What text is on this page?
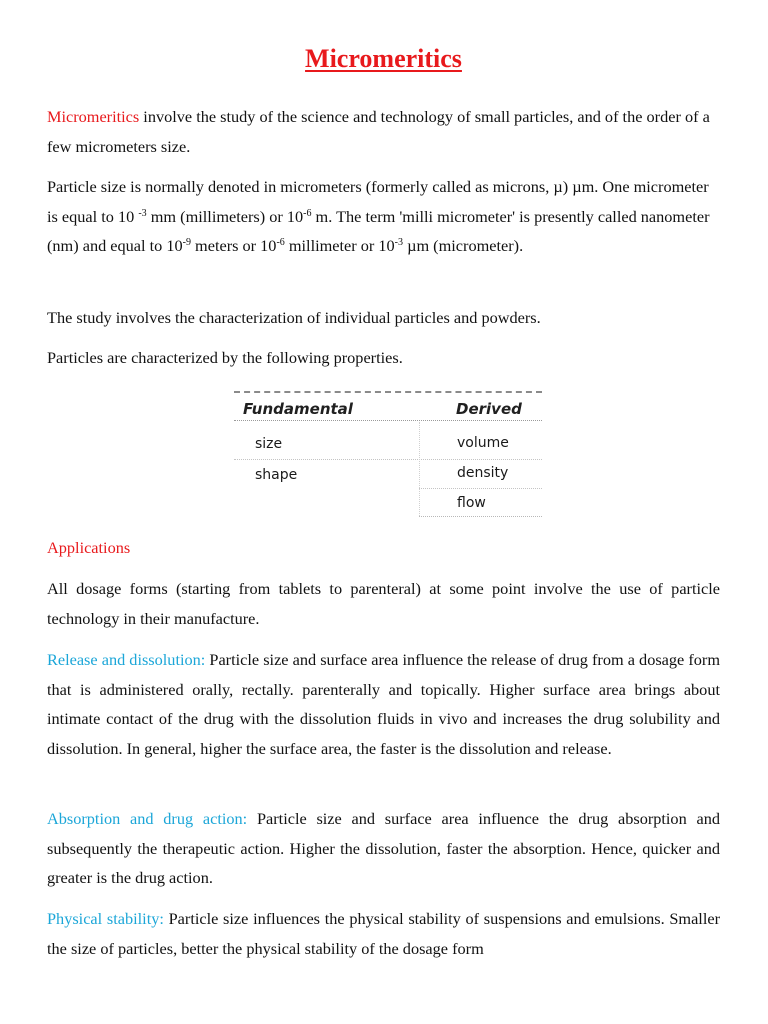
Micromeritics

Micromeritics involve the study of the science and technology of small particles, and of the order of a few micrometers size.

Particle size is normally denoted in micrometers (formerly called as microns, µ) µm. One micrometer is equal to 10 $^{-3}$ mm (millimeters) or $10^{-6}$ m. The term 'milli micrometer' is presently called nanometer (nm) and equal to $10^{-9}$ meters or $10^{-6}$ millimeter or $10^{-3}$ µm (micrometer).

The study involves the characterization of individual particles and powders.

Particles are characterized by the following properties.

Applications

All dosage forms (starting from tablets to parenteral) at some point involve the use of particle technology in their manufacture.

Release and dissolution: Particle size and surface area influence the release of drug from a dosage form that is administered orally, rectally. parenterally and topically. Higher surface area brings about intimate contact of the drug with the dissolution fluids in vivo and increases the drug solubility and dissolution. In general, higher the surface area, the faster is the dissolution and release.

Absorption and drug action: Particle size and surface area influence the drug absorption and subsequently the therapeutic action. Higher the dissolution, faster the absorption. Hence, quicker and greater is the drug action.

Physical stability: Particle size influences the physical stability of suspensions and emulsions. Smaller the size of particles, better the physical stability of the dosage form

Fundamental	Derived
size
shape
volume
density
flow
